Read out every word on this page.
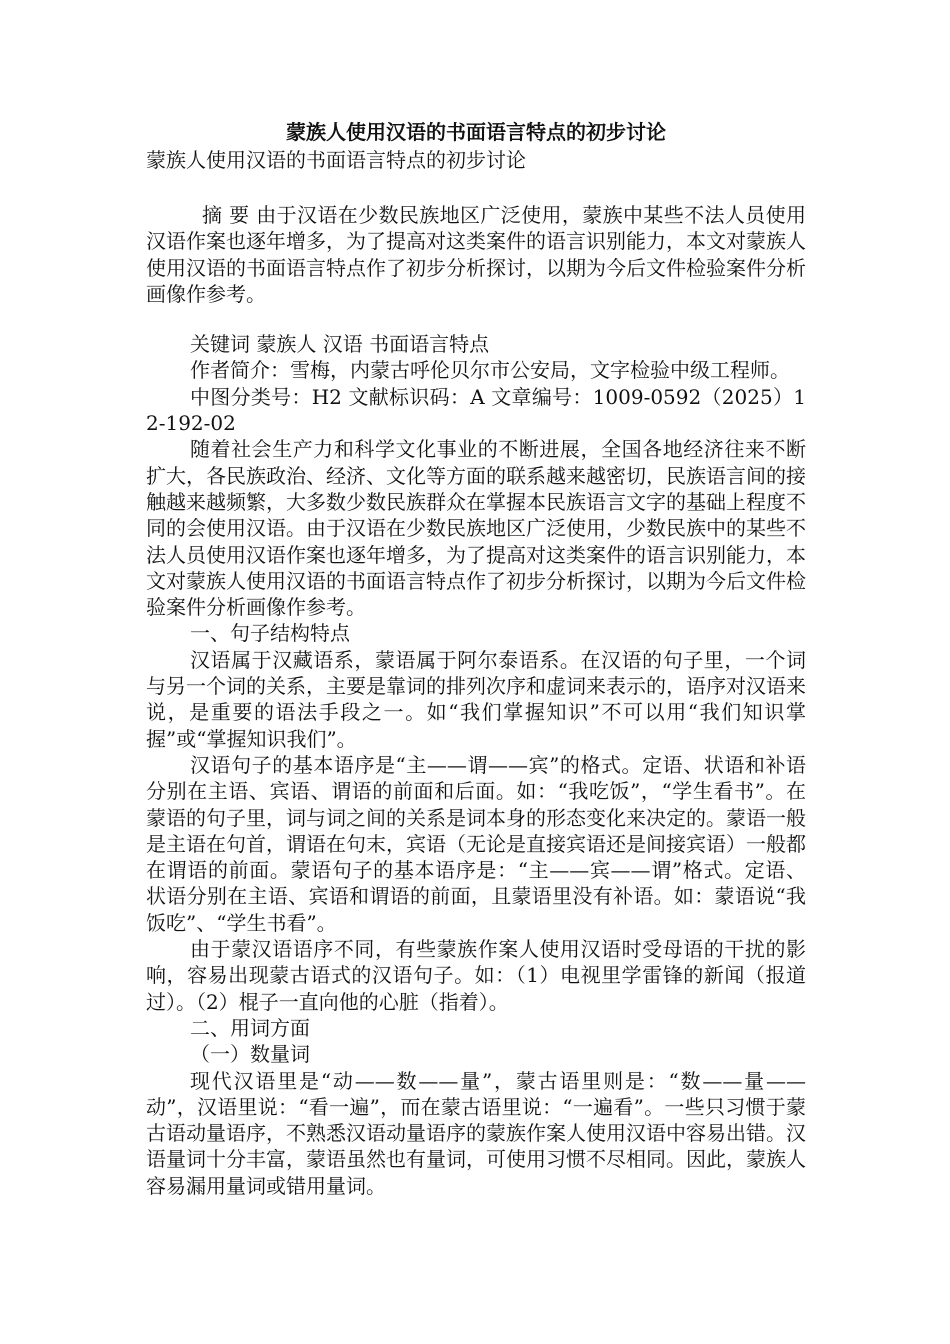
蒙族人使用汉语的书面语言特点的初步讨论
蒙族人使用汉语的书面语言特点的初步讨论

摘 要 由于汉语在少数民族地区广泛使用，蒙族中某些不法人员使用汉语作案也逐年增多，为了提高对这类案件的语言识别能力，本文对蒙族人使用汉语的书面语言特点作了初步分析探讨，以期为今后文件检验案件分析画像作参考。

关键词 蒙族人 汉语 书面语言特点

作者简介：雪梅，内蒙古呼伦贝尔市公安局，文字检验中级工程师。

中图分类号：H2 文献标识码：A 文章编号：1009-0592（2025）12-192-02

随着社会生产力和科学文化事业的不断进展，全国各地经济往来不断扩大，各民族政治、经济、文化等方面的联系越来越密切，民族语言间的接触越来越频繁，大多数少数民族群众在掌握本民族语言文字的基础上程度不同的会使用汉语。由于汉语在少数民族地区广泛使用，少数民族中的某些不法人员使用汉语作案也逐年增多，为了提高对这类案件的语言识别能力，本文对蒙族人使用汉语的书面语言特点作了初步分析探讨，以期为今后文件检验案件分析画像作参考。

一、句子结构特点

汉语属于汉藏语系，蒙语属于阿尔泰语系。在汉语的句子里，一个词与另一个词的关系，主要是靠词的排列次序和虚词来表示的，语序对汉语来说，是重要的语法手段之一。如“我们掌握知识”不可以用“我们知识掌握”或“掌握知识我们”。

汉语句子的基本语序是“主——谓——宾”的格式。定语、状语和补语分别在主语、宾语、谓语的前面和后面。如：“我吃饭”，“学生看书”。在蒙语的句子里，词与词之间的关系是词本身的形态变化来决定的。蒙语一般是主语在句首，谓语在句末，宾语（无论是直接宾语还是间接宾语）一般都在谓语的前面。蒙语句子的基本语序是：“主——宾——谓”格式。定语、状语分别在主语、宾语和谓语的前面，且蒙语里没有补语。如：蒙语说“我饭吃”、“学生书看”。

由于蒙汉语语序不同，有些蒙族作案人使用汉语时受母语的干扰的影响，容易出现蒙古语式的汉语句子。如：（1）电视里学雷锋的新闻（报道过）。（2）棍子一直向他的心脏（指着）。

二、用词方面

（一）数量词

现代汉语里是“动——数——量”，蒙古语里则是：“数——量——动”，汉语里说：“看一遍”，而在蒙古语里说：“一遍看”。一些只习惯于蒙古语动量语序，不熟悉汉语动量语序的蒙族作案人使用汉语中容易出错。汉语量词十分丰富，蒙语虽然也有量词，可使用习惯不尽相同。因此，蒙族人容易漏用量词或错用量词。
